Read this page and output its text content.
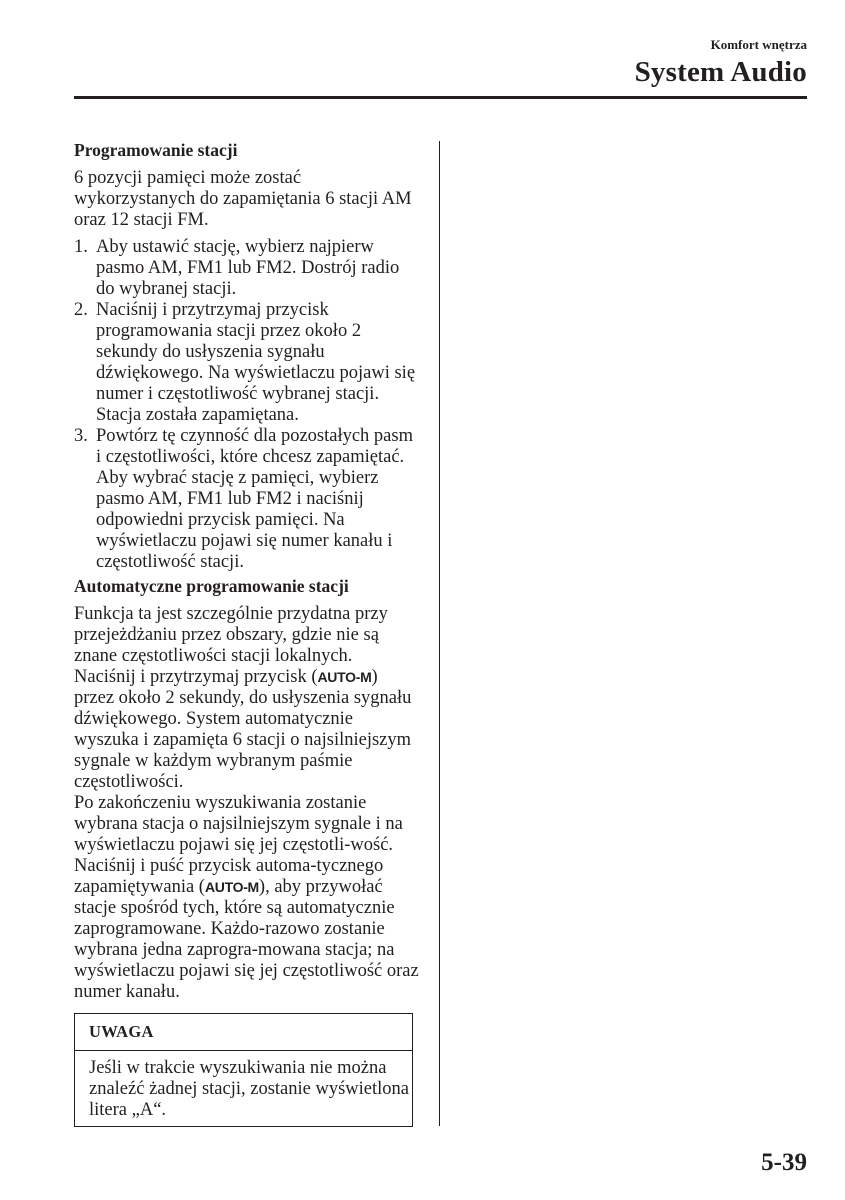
Komfort wnętrza
System Audio
Programowanie stacji

6 pozycji pamięci może zostać wykorzystanych do zapamiętania 6 stacji AM oraz 12 stacji FM.

1. Aby ustawić stację, wybierz najpierw pasmo AM, FM1 lub FM2. Dostrój radio do wybranej stacji.
2. Naciśnij i przytrzymaj przycisk programowania stacji przez około 2 sekundy do usłyszenia sygnału dźwiękowego. Na wyświetlaczu pojawi się numer i częstotliwość wybranej stacji. Stacja została zapamiętana.
3. Powtórz tę czynność dla pozostałych pasm i częstotliwości, które chcesz zapamiętać. Aby wybrać stację z pamięci, wybierz pasmo AM, FM1 lub FM2 i naciśnij odpowiedni przycisk pamięci. Na wyświetlaczu pojawi się numer kanału i częstotliwość stacji.
Automatyczne programowanie stacji

Funkcja ta jest szczególnie przydatna przy przejeżdżaniu przez obszary, gdzie nie są znane częstotliwości stacji lokalnych.
Naciśnij i przytrzymaj przycisk (AUTO-M) przez około 2 sekundy, do usłyszenia sygnału dźwiękowego. System automatycznie wyszuka i zapamięta 6 stacji o najsilniejszym sygnale w każdym wybranym paśmie częstotliwości.
Po zakończeniu wyszukiwania zostanie wybrana stacja o najsilniejszym sygnale i na wyświetlaczu pojawi się jej częstotli-wość. Naciśnij i puść przycisk automa-tycznego zapamiętywania (AUTO-M), aby przywołać stacje spośród tych, które są automatycznie zaprogramowane. Każdo-razowo zostanie wybrana jedna zaprogra-mowana stacja; na wyświetlaczu pojawi się jej częstotliwość oraz numer kanału.

UWAGA
Jeśli w trakcie wyszukiwania nie można znaleźć żadnej stacji, zostanie wyświetlona litera „A“.
5-39
